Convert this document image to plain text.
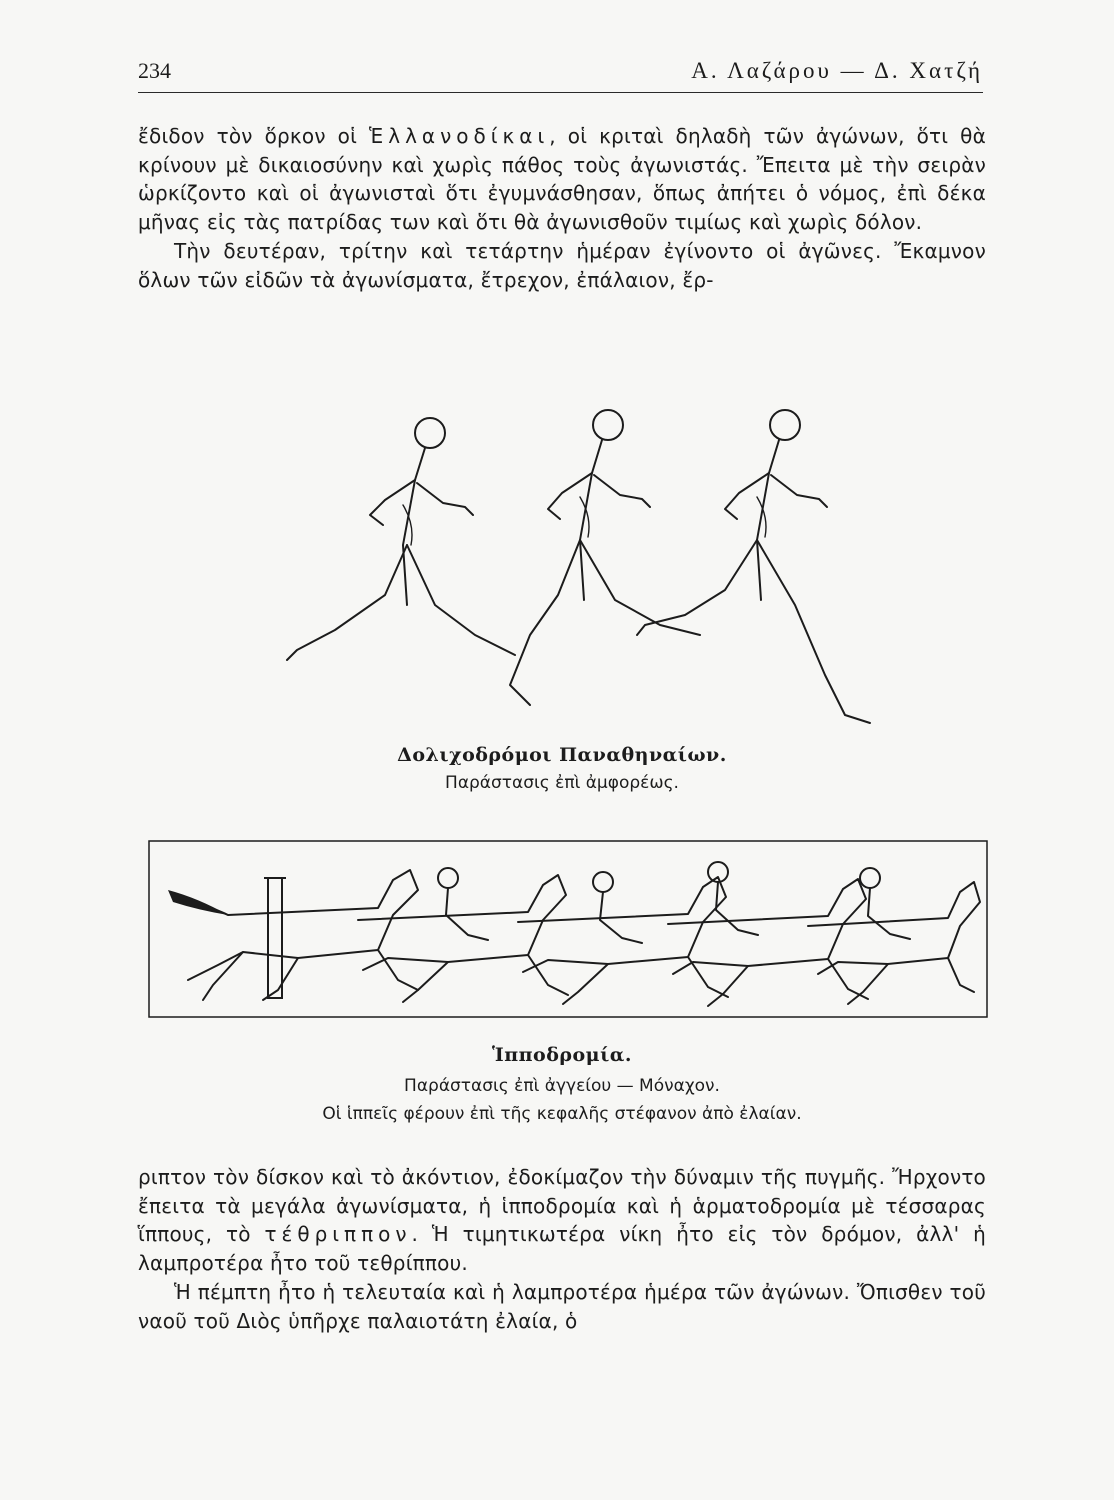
234	Α. Λαζάρου — Δ. Χατζή

ἔδιδον τὸν ὅρκον οἱ Ἑλλανοδίκαι, οἱ κριταὶ δηλαδὴ τῶν ἀγώνων, ὅτι θὰ κρίνουν μὲ δικαιοσύνην καὶ χωρὶς πάθος τοὺς ἀγωνιστάς. Ἔπειτα μὲ τὴν σειρὰν ὡρκίζοντο καὶ οἱ ἀγωνισταὶ ὅτι ἐγυμνάσθησαν, ὅπως ἀπήτει ὁ νόμος, ἐπὶ δέκα μῆνας εἰς τὰς πατρίδας των καὶ ὅτι θὰ ἀγωνισθοῦν τιμίως καὶ χωρὶς δόλον.

Τὴν δευτέραν, τρίτην καὶ τετάρτην ἡμέραν ἐγίνοντο οἱ ἀγῶνες. Ἔκαμνον ὅλων τῶν εἰδῶν τὰ ἀγωνίσματα, ἔτρεχον, ἐπάλαιον, ἔρ-

Δολιχοδρόμοι Παναθηναίων.
Παράστασις ἐπὶ ἀμφορέως.
Ἱπποδρομία.
Παράστασις ἐπὶ ἀγγείου — Μόναχον.
Οἱ ἱππεῖς φέρουν ἐπὶ τῆς κεφαλῆς στέφανον ἀπὸ ἐλαίαν.

ριπτον τὸν δίσκον καὶ τὸ ἀκόντιον, ἐδοκίμαζον τὴν δύναμιν τῆς πυγμῆς. Ἤρχοντο ἔπειτα τὰ μεγάλα ἀγωνίσματα, ἡ ἱπποδρομία καὶ ἡ ἁρματοδρομία μὲ τέσσαρας ἵππους, τὸ τέθριππον. Ἡ τιμητικωτέρα νίκη ἦτο εἰς τὸν δρόμον, ἀλλ' ἡ λαμπροτέρα ἦτο τοῦ τεθρίππου.

Ἡ πέμπτη ἦτο ἡ τελευταία καὶ ἡ λαμπροτέρα ἡμέρα τῶν ἀγώνων. Ὄπισθεν τοῦ ναοῦ τοῦ Διὸς ὑπῆρχε παλαιοτάτη ἐλαία, ὁ
